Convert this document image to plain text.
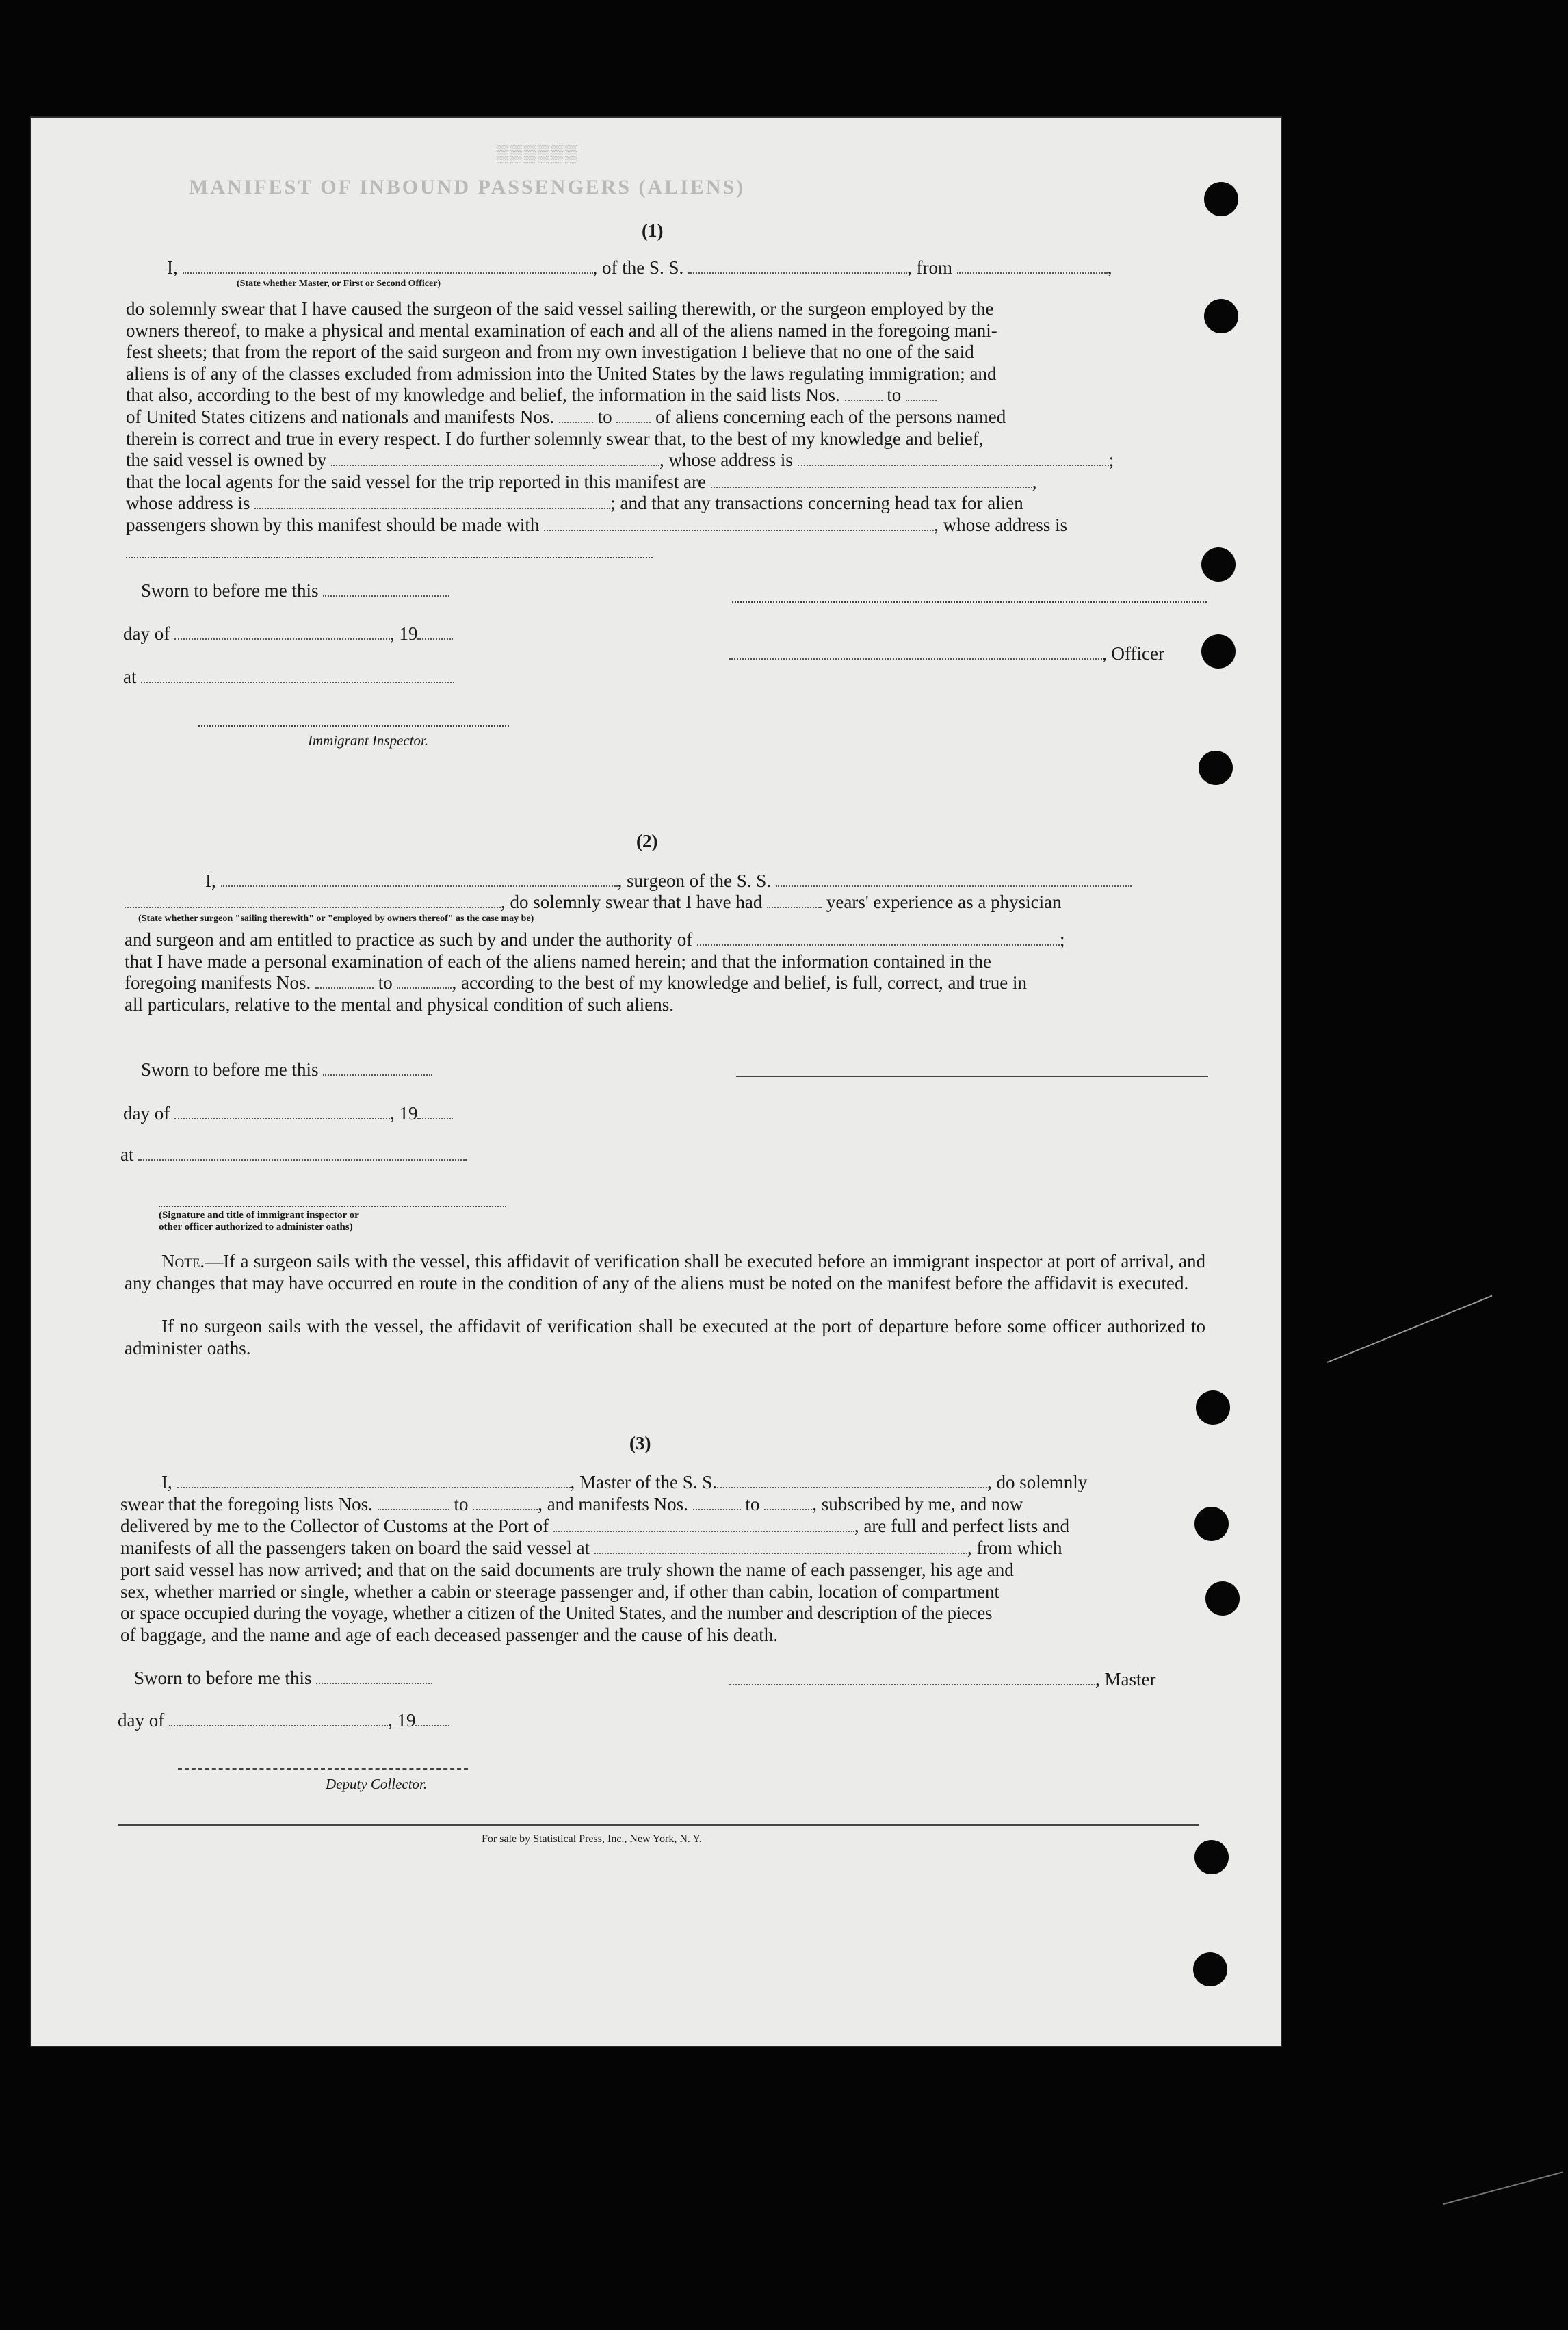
MANIFEST OF INBOUND PASSENGERS (ALIENS)
▒▒▒▒▒▒
(1)
I,	, of the S. S.	, from	,
(State whether Master, or First or Second Officer)
do solemnly swear that I have caused the surgeon of the said vessel sailing therewith, or the surgeon employed by the
owners thereof, to make a physical and mental examination of each and all of the aliens named in the foregoing mani-
fest sheets; that from the report of the said surgeon and from my own investigation I believe that no one of the said
aliens is of any of the classes excluded from admission into the United States by the laws regulating immigration; and
that also, according to the best of my knowledge and belief, the information in the said lists Nos.	to
of United States citizens and nationals and manifests Nos. to of aliens concerning each of the persons named
therein is correct and true in every respect. I do further solemnly swear that, to the best of my knowledge and belief,
the said vessel is owned by	, whose address is	;
that the local agents for the said vessel for the trip reported in this manifest are	,
whose address is	; and that any transactions concerning head tax for alien
passengers shown by this manifest should be made with	, whose address is
Sworn to before me this
day of	, 19
, Officer
at
Immigrant Inspector.
(2)
I,	, surgeon of the S. S.
, do solemnly swear that I have had	years' experience as a physician
(State whether surgeon "sailing therewith" or "employed by owners thereof" as the case may be)
and surgeon and am entitled to practice as such by and under the authority of	;
that I have made a personal examination of each of the aliens named herein; and that the information contained in the
foregoing manifests Nos.	to	, according to the best of my knowledge and belief, is full, correct, and true in
all particulars, relative to the mental and physical condition of such aliens.
Sworn to before me this
day of	, 19
at
(Signature and title of immigrant inspector or
other officer authorized to administer oaths)
Note.—If a surgeon sails with the vessel, this affidavit of verification shall be executed before an immigrant inspector at port of arrival, and any changes that may have occurred en route in the condition of any of the aliens must be noted on the manifest before the affidavit is executed.
If no surgeon sails with the vessel, the affidavit of verification shall be executed at the port of departure before some officer authorized to administer oaths.
(3)
I,	, Master of the S. S.	, do solemnly
swear that the foregoing lists Nos.	to	, and manifests Nos.	to	, subscribed by me, and now
delivered by me to the Collector of Customs at the Port of	, are full and perfect lists and
manifests of all the passengers taken on board the said vessel at	, from which
port said vessel has now arrived; and that on the said documents are truly shown the name of each passenger, his age and
sex, whether married or single, whether a cabin or steerage passenger and, if other than cabin, location of compartment
or space occupied during the voyage, whether a citizen of the United States, and the number and description of the pieces
of baggage, and the name and age of each deceased passenger and the cause of his death.
Sworn to before me this	, Master
day of	, 19
Deputy Collector.
For sale by Statistical Press, Inc., New York, N. Y.
